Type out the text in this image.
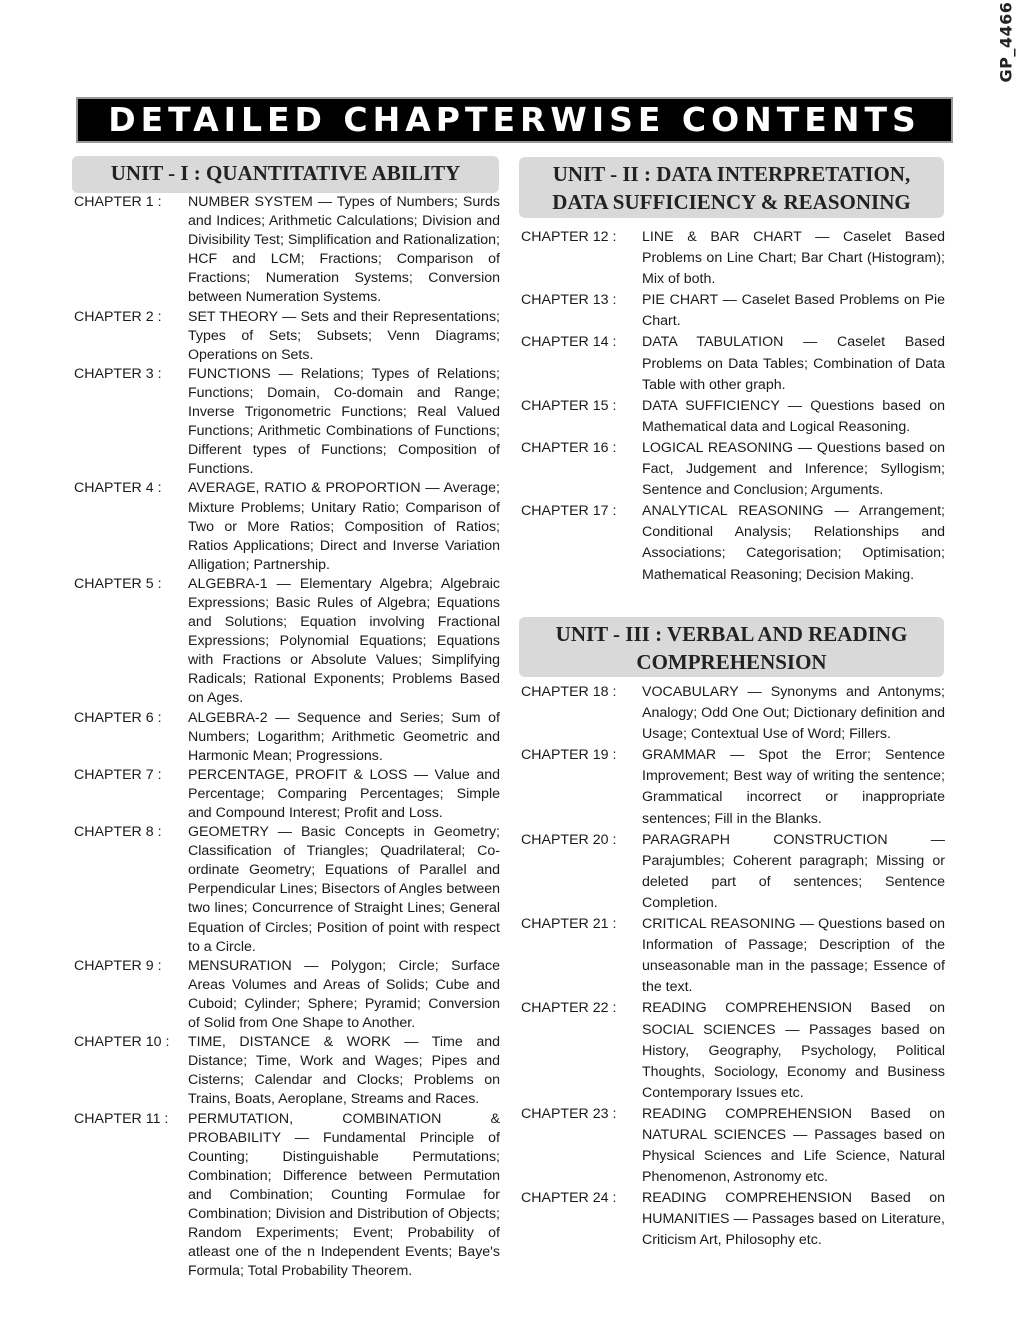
GP_4466
DETAILED CHAPTERWISE CONTENTS
UNIT - I : QUANTITATIVE ABILITY	UNIT - II : DATA INTERPRETATION,
DATA SUFFICIENCY & REASONING
UNIT - III : VERBAL AND READING
COMPREHENSION
CHAPTER 1 :	NUMBER SYSTEM — Types of Numbers; Surds and Indices; Arithmetic Calculations; Division and Divisibility Test; Simplification and Rationalization; HCF and LCM; Fractions; Comparison of Fractions; Numeration Systems; Conversion between Numeration Systems.
CHAPTER 2 :	SET THEORY — Sets and their Representations; Types of Sets; Subsets; Venn Diagrams; Operations on Sets.
CHAPTER 3 :	FUNCTIONS — Relations; Types of Relations; Functions; Domain, Co-domain and Range; Inverse Trigonometric Functions; Real Valued Functions; Arithmetic Combinations of Functions; Different types of Functions; Composition of Functions.
CHAPTER 4 :	AVERAGE, RATIO & PROPORTION — Average; Mixture Problems; Unitary Ratio; Comparison of Two or More Ratios; Composition of Ratios; Ratios Applications; Direct and Inverse Variation Alligation; Partnership.
CHAPTER 5 :	ALGEBRA-1 — Elementary Algebra; Algebraic Expressions; Basic Rules of Algebra; Equations and Solutions; Equation involving Fractional Expressions; Polynomial Equations; Equations with Fractions or Absolute Values; Simplifying Radicals; Rational Exponents; Problems Based on Ages.
CHAPTER 6 :	ALGEBRA-2 — Sequence and Series; Sum of Numbers; Logarithm; Arithmetic Geometric and Harmonic Mean; Progressions.
CHAPTER 7 :	PERCENTAGE, PROFIT & LOSS — Value and Percentage; Comparing Percentages; Simple and Compound Interest; Profit and Loss.
CHAPTER 8 :	GEOMETRY — Basic Concepts in Geometry; Classification of Triangles; Quadrilateral; Co-ordinate Geometry; Equations of Parallel and Perpendicular Lines; Bisectors of Angles between two lines; Concurrence of Straight Lines; General Equation of Circles; Position of point with respect to a Circle.
CHAPTER 9 :	MENSURATION — Polygon; Circle; Surface Areas Volumes and Areas of Solids; Cube and Cuboid; Cylinder; Sphere; Pyramid; Conversion of Solid from One Shape to Another.
CHAPTER 10 :	TIME, DISTANCE & WORK — Time and Distance; Time, Work and Wages; Pipes and Cisterns; Calendar and Clocks; Problems on Trains, Boats, Aeroplane, Streams and Races.
CHAPTER 11 :	PERMUTATION, COMBINATION & PROBABILITY — Fundamental Principle of Counting; Distinguishable Permutations; Combination; Difference between Permutation and Combination; Counting Formulae for Combination; Division and Distribution of Objects; Random Experiments; Event; Probability of atleast one of the n Independent Events; Baye's Formula; Total Probability Theorem.
CHAPTER 12 :	LINE & BAR CHART — Caselet Based Problems on Line Chart; Bar Chart (Histogram); Mix of both.
CHAPTER 13 :	PIE CHART — Caselet Based Problems on Pie Chart.
CHAPTER 14 :	DATA TABULATION — Caselet Based Problems on Data Tables; Combination of Data Table with other graph.
CHAPTER 15 :	DATA SUFFICIENCY — Questions based on Mathematical data and Logical Reasoning.
CHAPTER 16 :	LOGICAL REASONING — Questions based on Fact, Judgement and Inference; Syllogism; Sentence and Conclusion; Arguments.
CHAPTER 17 :	ANALYTICAL REASONING — Arrangement; Conditional Analysis; Relationships and Associations; Categorisation; Optimisation; Mathematical Reasoning; Decision Making.
CHAPTER 18 :	VOCABULARY — Synonyms and Antonyms; Analogy; Odd One Out; Dictionary definition and Usage; Contextual Use of Word; Fillers.
CHAPTER 19 :	GRAMMAR — Spot the Error; Sentence Improvement; Best way of writing the sentence; Grammatical incorrect or inappropriate sentences; Fill in the Blanks.
CHAPTER 20 :	PARAGRAPH CONSTRUCTION — Parajumbles; Coherent paragraph; Missing or deleted part of sentences; Sentence Completion.
CHAPTER 21 :	CRITICAL REASONING — Questions based on Information of Passage; Description of the unseasonable man in the passage; Essence of the text.
CHAPTER 22 :	READING COMPREHENSION Based on SOCIAL SCIENCES — Passages based on History, Geography, Psychology, Political Thoughts, Sociology, Economy and Business Contemporary Issues etc.
CHAPTER 23 :	READING COMPREHENSION Based on NATURAL SCIENCES — Passages based on Physical Sciences and Life Science, Natural Phenomenon, Astronomy etc.
CHAPTER 24 :	READING COMPREHENSION Based on HUMANITIES — Passages based on Literature, Criticism Art, Philosophy etc.
